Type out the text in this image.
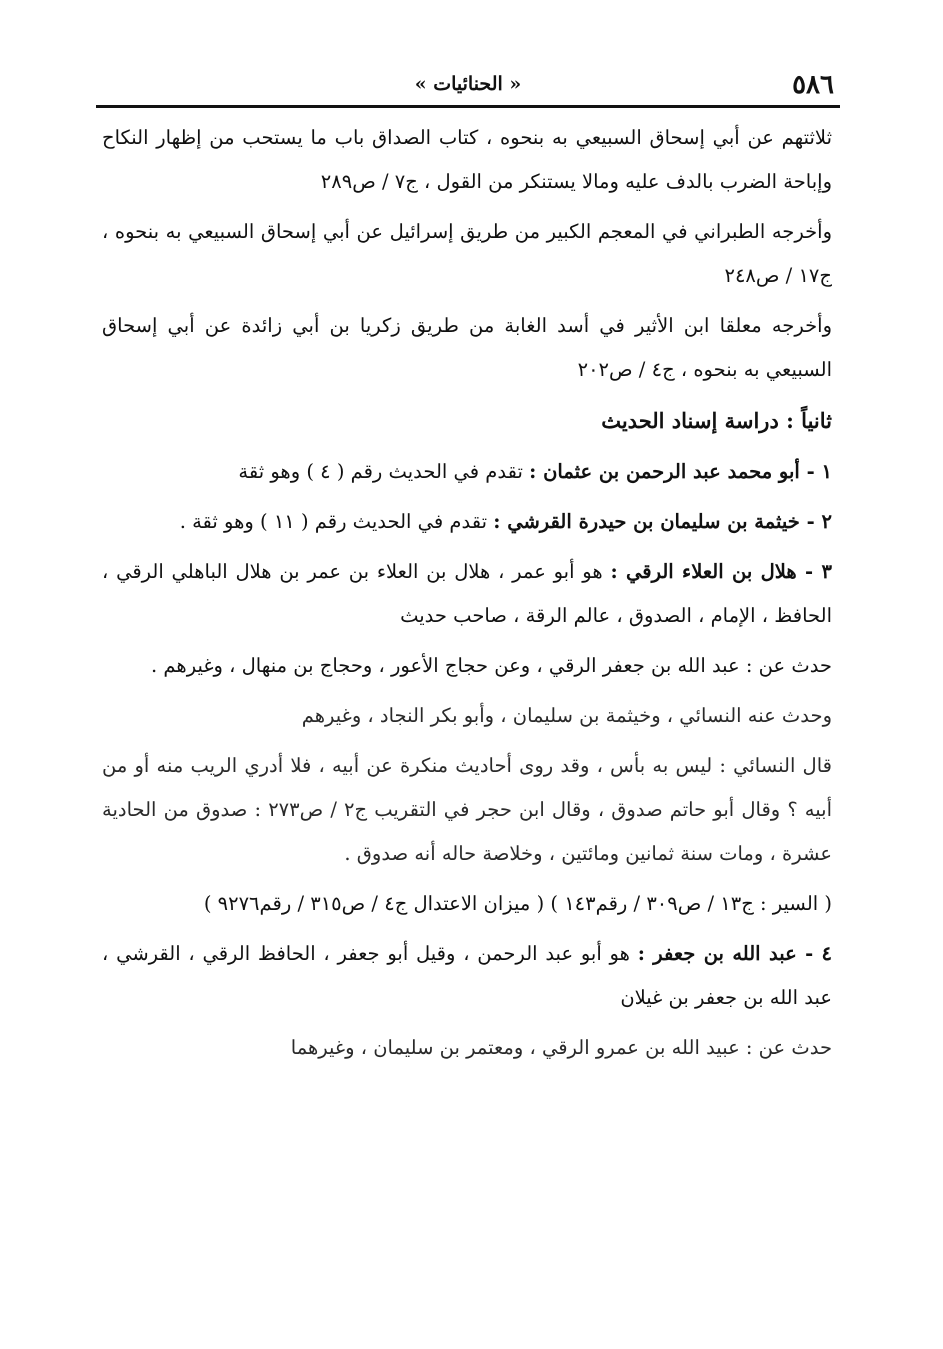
٥٨٦
« الحنائيات »

ثلاثتهم عن أبي إسحاق السبيعي به بنحوه ، كتاب الصداق باب ما يستحب من إظهار النكاح وإباحة الضرب بالدف عليه ومالا يستنكر من القول ، ج٧ / ص٢٨٩

وأخرجه الطبراني في المعجم الكبير من طريق إسرائيل عن أبي إسحاق السبيعي به بنحوه ، ج١٧ / ص٢٤٨

وأخرجه معلقا ابن الأثير في أسد الغابة من طريق زكريا بن أبي زائدة عن أبي إسحاق السبيعي به بنحوه ، ج٤ / ص٢٠٢

ثانياً : دراسة إسناد الحديث

١ - أبو محمد عبد الرحمن بن عثمان : تقدم في الحديث رقم ( ٤ ) وهو ثقة

٢ - خيثمة بن سليمان بن حيدرة القرشي : تقدم في الحديث رقم ( ١١ ) وهو ثقة .

٣ - هلال بن العلاء الرقي : هو أبو عمر ، هلال بن العلاء بن عمر بن هلال الباهلي الرقي ، الحافظ ، الإمام ، الصدوق ، عالم الرقة ، صاحب حديث

حدث عن : عبد الله بن جعفر الرقي ، وعن حجاج الأعور ، وحجاج بن منهال ، وغيرهم .

وحدث عنه النسائي ، وخيثمة بن سليمان ، وأبو بكر النجاد ، وغيرهم

قال النسائي : ليس به بأس ، وقد روى أحاديث منكرة عن أبيه ، فلا أدري الريب منه أو من أبيه ؟ وقال أبو حاتم صدوق ، وقال ابن حجر في التقريب ج٢ / ص٢٧٣ : صدوق من الحادية عشرة ، ومات سنة ثمانين ومائتين ، وخلاصة حاله أنه صدوق .

( السير : ج١٣ / ص٣٠٩ / رقم١٤٣ ) ( ميزان الاعتدال ج٤ / ص٣١٥ / رقم٩٢٧٦ )

٤ - عبد الله بن جعفر : هو أبو عبد الرحمن ، وقيل أبو جعفر ، الحافظ الرقي ، القرشي ، عبد الله بن جعفر بن غيلان

حدث عن : عبيد الله بن عمرو الرقي ، ومعتمر بن سليمان ، وغيرهما
